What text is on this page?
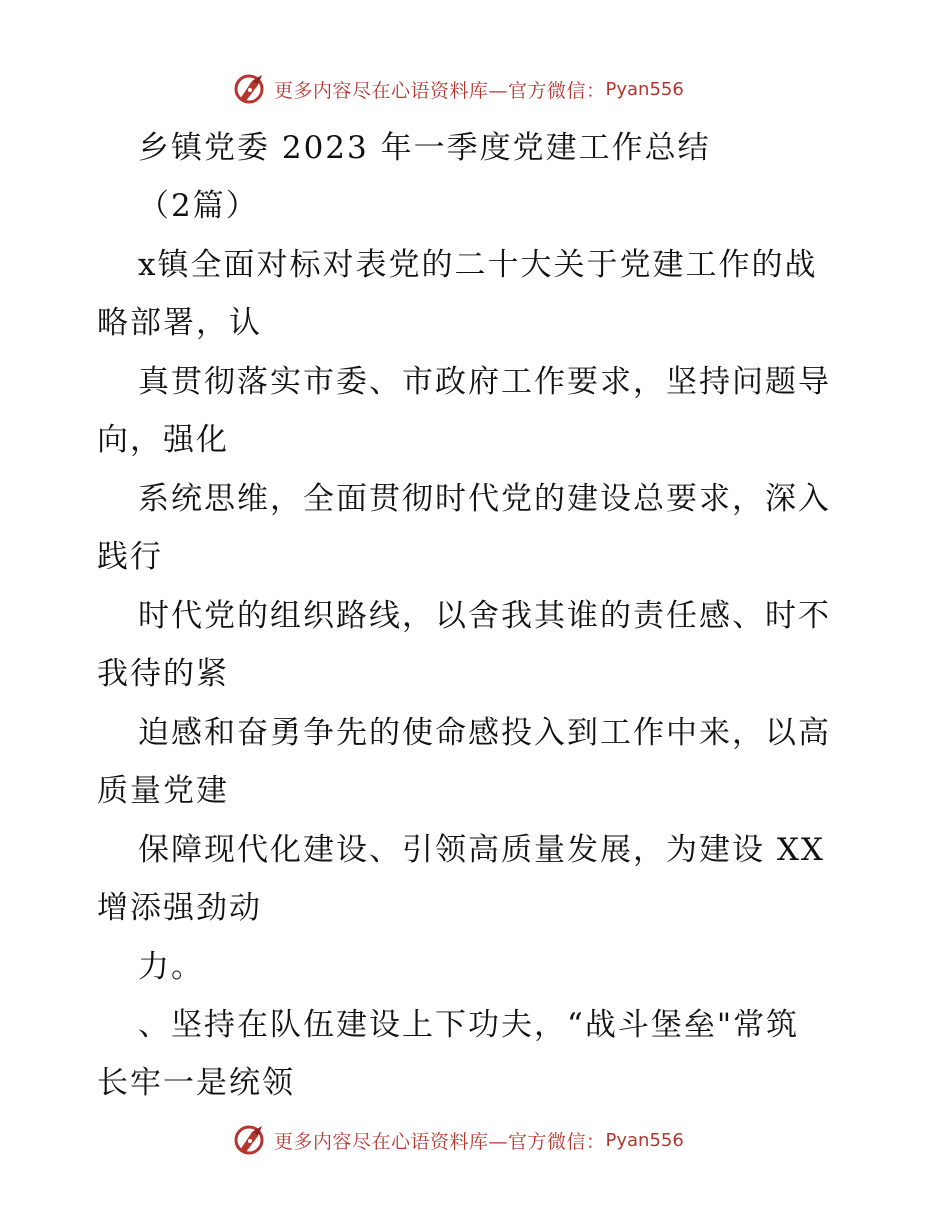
更多内容尽在心语资料库—官方微信： Pyan556
乡镇党委 2023 年一季度党建工作总结
（2篇）
x镇全面对标对表党的二十大关于党建工作的战
略部署，认
真贯彻落实市委、市政府工作要求，坚持问题导
向，强化
系统思维，全面贯彻时代党的建设总要求，深入
践行
时代党的组织路线，以舍我其谁的责任感、时不
我待的紧
迫感和奋勇争先的使命感投入到工作中来，以高
质量党建
保障现代化建设、引领高质量发展，为建设 XX
增添强劲动
力。
、坚持在队伍建设上下功夫，“战斗堡垒"常筑
长牢一是统领
更多内容尽在心语资料库—官方微信： Pyan556
